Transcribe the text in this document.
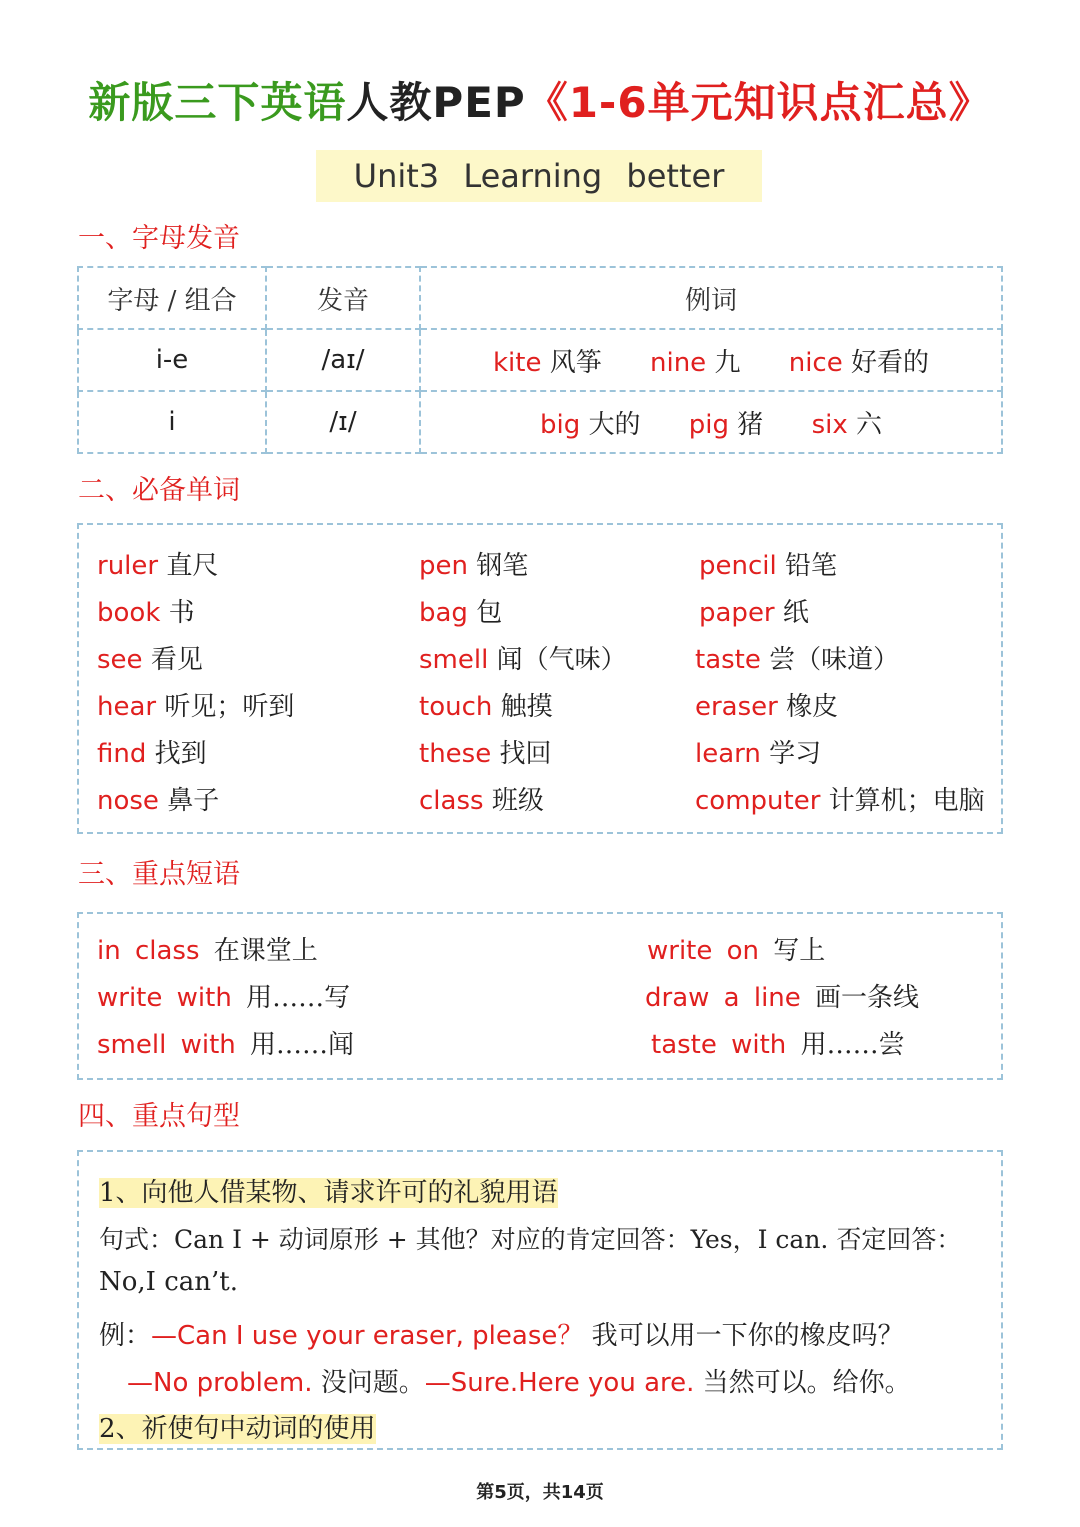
新版三下英语人教PEP《1-6单元知识点汇总》
Unit3 Learning better
一、字母发音
字母 / 组合	发音	例词
i-e	/aɪ/	kite 风筝 nine 九 nice 好看的
i	/ɪ/	big 大的 pig 猪 six 六
二、必备单词
ruler 直尺	pen 钢笔	pencil 铅笔
book 书	bag 包	paper 纸
see 看见	smell 闻（气味）	taste 尝（味道）
hear 听见；听到	touch 触摸	eraser 橡皮
find 找到	these 找回	learn 学习
nose 鼻子	class 班级	computer 计算机；电脑
三、重点短语
in class 在课堂上	write on 写上
write with 用……写	draw a line 画一条线
smell with 用……闻	taste with 用……尝
四、重点句型
1、向他人借某物、请求许可的礼貌用语
句式：Can I + 动词原形 + 其他？对应的肯定回答：Yes，I can. 否定回答：
No,I can’t.
例：—Can I use your eraser, please？ 我可以用一下你的橡皮吗？
—No problem. 没问题。—Sure.Here you are. 当然可以。给你。
2、祈使句中动词的使用
第5页，共14页
